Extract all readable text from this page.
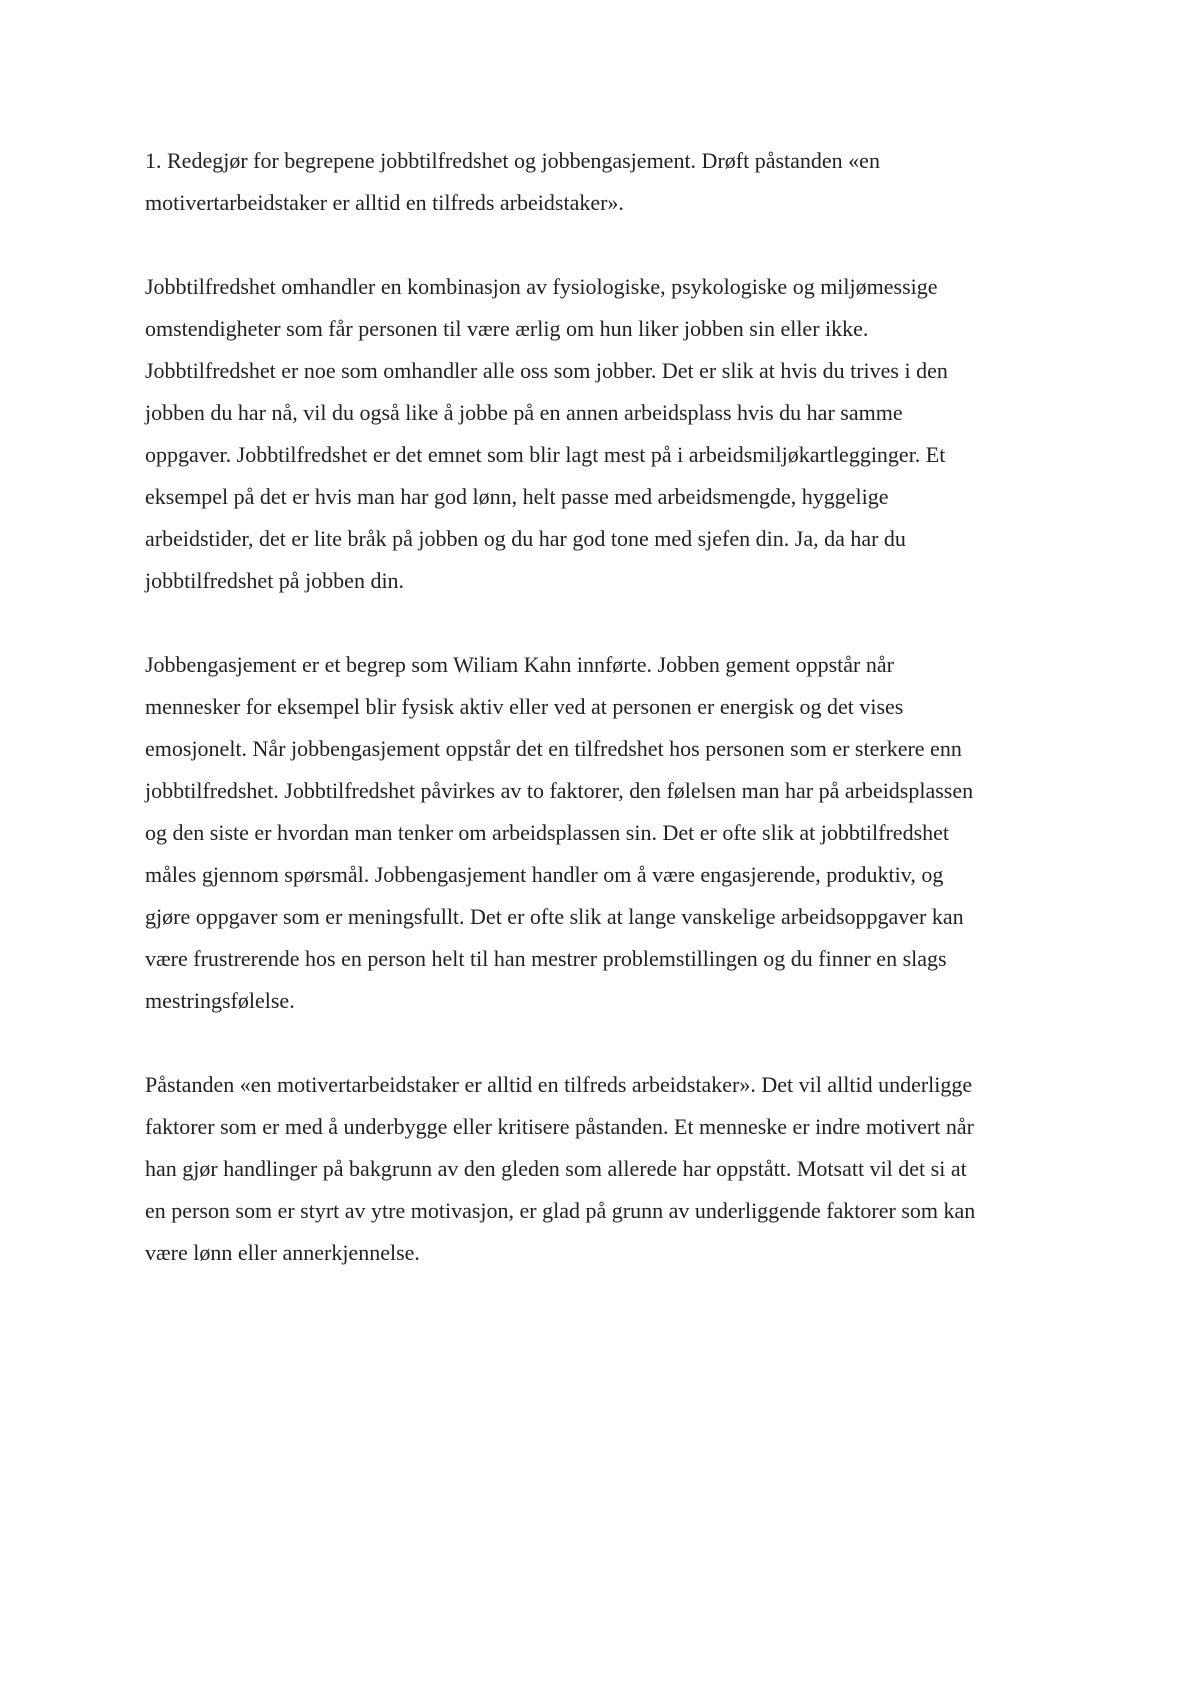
1. Redegjør for begrepene jobbtilfredshet og jobbengasjement. Drøft påstanden «en
motivertarbeidstaker er alltid en tilfreds arbeidstaker».

Jobbtilfredshet omhandler en kombinasjon av fysiologiske, psykologiske og miljømessige
omstendigheter som får personen til være ærlig om hun liker jobben sin eller ikke.
Jobbtilfredshet er noe som omhandler alle oss som jobber. Det er slik at hvis du trives i den
jobben du har nå, vil du også like å jobbe på en annen arbeidsplass hvis du har samme
oppgaver. Jobbtilfredshet er det emnet som blir lagt mest på i arbeidsmiljøkartlegginger. Et
eksempel på det er hvis man har god lønn, helt passe med arbeidsmengde, hyggelige
arbeidstider, det er lite bråk på jobben og du har god tone med sjefen din. Ja, da har du
jobbtilfredshet på jobben din.

Jobbengasjement er et begrep som Wiliam Kahn innførte. Jobben gement oppstår når
mennesker for eksempel blir fysisk aktiv eller ved at personen er energisk og det vises
emosjonelt. Når jobbengasjement oppstår det en tilfredshet hos personen som er sterkere enn
jobbtilfredshet. Jobbtilfredshet påvirkes av to faktorer, den følelsen man har på arbeidsplassen
og den siste er hvordan man tenker om arbeidsplassen sin. Det er ofte slik at jobbtilfredshet
måles gjennom spørsmål. Jobbengasjement handler om å være engasjerende, produktiv, og
gjøre oppgaver som er meningsfullt. Det er ofte slik at lange vanskelige arbeidsoppgaver kan
være frustrerende hos en person helt til han mestrer problemstillingen og du finner en slags
mestringsfølelse.

Påstanden «en motivertarbeidstaker er alltid en tilfreds arbeidstaker». Det vil alltid underligge
faktorer som er med å underbygge eller kritisere påstanden. Et menneske er indre motivert når
han gjør handlinger på bakgrunn av den gleden som allerede har oppstått. Motsatt vil det si at
en person som er styrt av ytre motivasjon, er glad på grunn av underliggende faktorer som kan
være lønn eller annerkjennelse.
